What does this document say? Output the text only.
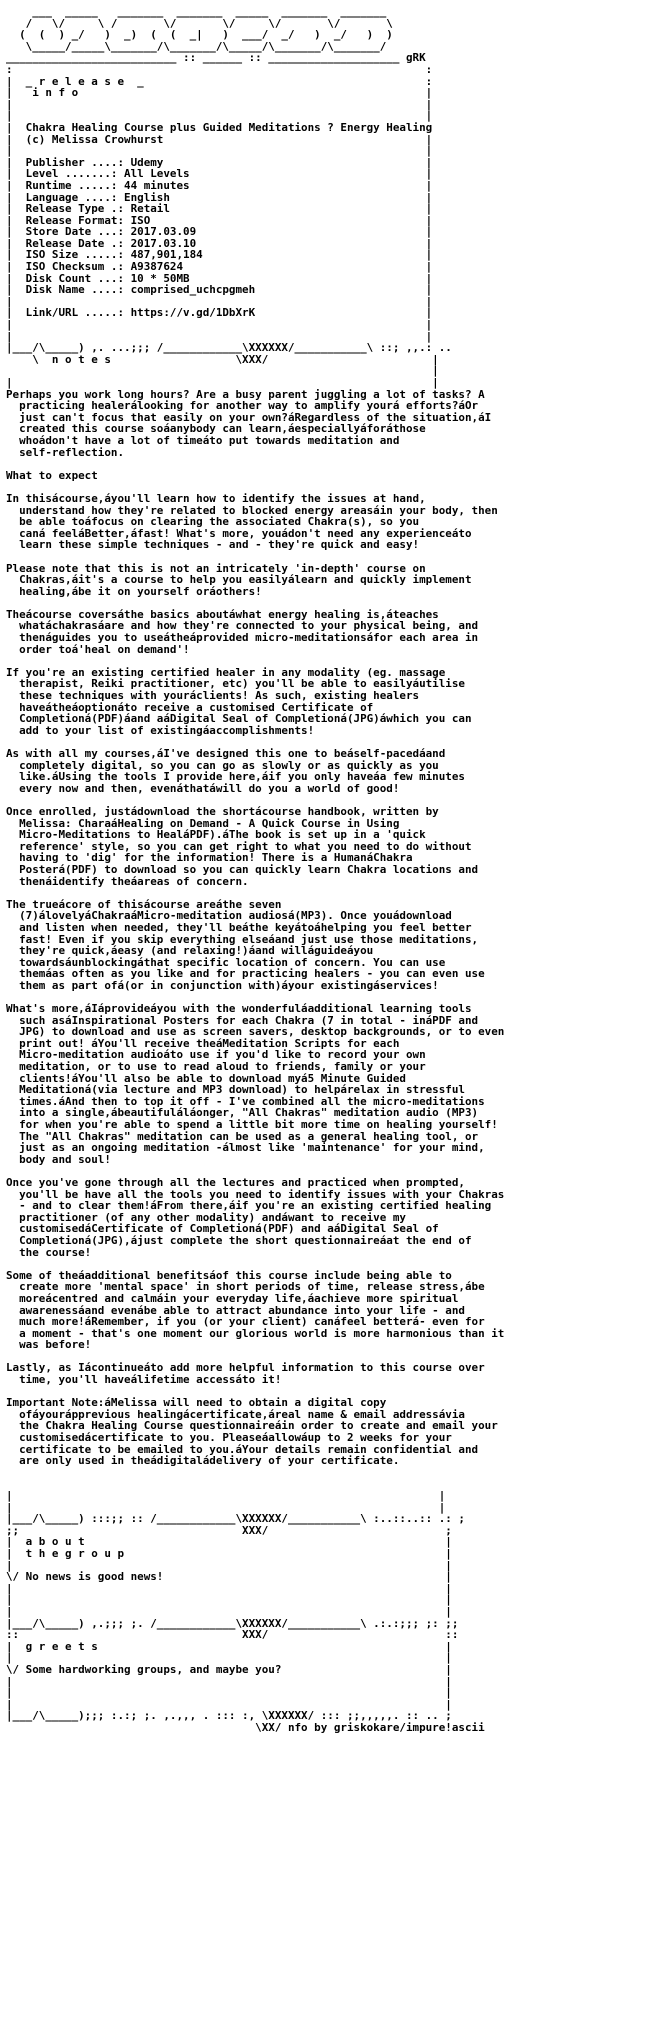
___  _____   _______  _______  _____  _______  _______
/   \/     \ /       \/       \/     \/       \/       \
(  (  ) _/   )  _)  (  (  _|   )  ___/  _/   )  _/   )  )
\_____/_____\_______/\_______/\_____/\_______/\_______/
__________________________ :: ______ :: ____________________ gRK
:                                                               :
|  _ r e l e a s e  _                                           :
|   i n f o                                                     |
|                                                               |
|                                                               |
|  Chakra Healing Course plus Guided Meditations ? Energy Healing
|  (c) Melissa Crowhurst                                        |
|                                                               |
|  Publisher ....: Udemy                                        |
|  Level .......: All Levels                                    |
|  Runtime .....: 44 minutes                                    |
|  Language ....: English                                       |
|  Release Type .: Retail                                       |
|  Release Format: ISO                                          |
|  Store Date ...: 2017.03.09                                   |
|  Release Date .: 2017.03.10                                   |
|  ISO Size .....: 487,901,184                                  |
|  ISO Checksum .: A9387624                                     |
|  Disk Count ...: 10 * 50MB                                    |
|  Disk Name ....: comprised_uchcpgmeh                          |
|                                                               |
|  Link/URL .....: https://v.gd/1DbXrK                          |
|                                                               |
|                                                               |
|___/\_____) ,. ...;;; /____________\XXXXXX/___________\ ::; ,,.: ..
\  n o t e s                   \XXX/                         |
|
|                                                                |
Perhaps you work long hours? Are a busy parent juggling a lot of tasks? A
practicing healerálooking for another way to amplify yourá efforts?áOr
just can't focus that easily on your own?áRegardless of the situation,áI
created this course soáanybody can learn,áespeciallyáforáthose
whoádon't have a lot of timeáto put towards meditation and
self-reflection.

What to expect

In thisácourse,áyou'll learn how to identify the issues at hand,
understand how they're related to blocked energy areasáin your body, then
be able toáfocus on clearing the associated Chakra(s), so you
caná feeláBetter,áfast! What's more, youádon't need any experienceáto
learn these simple techniques - and - they're quick and easy!

Please note that this is not an intricately 'in-depth' course on
Chakras,áit's a course to help you easilyálearn and quickly implement
healing,ábe it on yourself oráothers!

Theácourse coversáthe basics aboutáwhat energy healing is,áteaches
whatáchakrasáare and how they're connected to your physical being, and
thenáguides you to useátheáprovided micro-meditationsáfor each area in
order toá'heal on demand'!

If you're an existing certified healer in any modality (eg. massage
therapist, Reiki practitioner, etc) you'll be able to easilyáutilise
these techniques with youráclients! As such, existing healers
haveátheáoptionáto receive a customised Certificate of
Completioná(PDF)áand aáDigital Seal of Completioná(JPG)áwhich you can
add to your list of existingáaccomplishments!

As with all my courses,áI've designed this one to beáself-pacedáand
completely digital, so you can go as slowly or as quickly as you
like.áUsing the tools I provide here,áif you only haveáa few minutes
every now and then, evenáthatáwill do you a world of good!

Once enrolled, justádownload the shortácourse handbook, written by
Melissa: CharaáHealing on Demand - A Quick Course in Using
Micro-Meditations to HealáPDF).áThe book is set up in a 'quick
reference' style, so you can get right to what you need to do without
having to 'dig' for the information! There is a HumanáChakra
Posterá(PDF) to download so you can quickly learn Chakra locations and
thenáidentify theáareas of concern.

The trueácore of thisácourse areáthe seven
(7)álovelyáChakraáMicro-meditation audiosá(MP3). Once youádownload
and listen when needed, they'll beáthe keyátoáhelping you feel better
fast! Even if you skip everything elseáand just use those meditations,
they're quick,áeasy (and relaxing!)áand willáguideáyou
towardsáunblockingáthat specific location of concern. You can use
themáas often as you like and for practicing healers - you can even use
them as part ofá(or in conjunction with)áyour existingáservices!

What's more,áIáprovideáyou with the wonderfuláadditional learning tools
such asáInspirational Posters for each Chakra (7 in total - ináPDF and
JPG) to download and use as screen savers, desktop backgrounds, or to even
print out! áYou'll receive theáMeditation Scripts for each
Micro-meditation audioáto use if you'd like to record your own
meditation, or to use to read aloud to friends, family or your
clients!áYou'll also be able to download myá5 Minute Guided
Meditationá(via lecture and MP3 download) to helpárelax in stressful
times.áAnd then to top it off - I've combined all the micro-meditations
into a single,ábeautifuláláonger, "All Chakras" meditation audio (MP3)
for when you're able to spend a little bit more time on healing yourself!
The "All Chakras" meditation can be used as a general healing tool, or
just as an ongoing meditation -álmost like 'maintenance' for your mind,
body and soul!

Once you've gone through all the lectures and practiced when prompted,
you'll be have all the tools you need to identify issues with your Chakras
- and to clear them!áFrom there,áif you're an existing certified healing
practitioner (of any other modality) andáwant to receive my
customisedáCertificate of Completioná(PDF) and aáDigital Seal of
Completioná(JPG),ájust complete the short questionnaireáat the end of
the course!

Some of theáadditional benefitsáof this course include being able to
create more 'mental space' in short periods of time, release stress,ábe
moreácentred and calmáin your everyday life,áachieve more spiritual
awarenessáand evenábe able to attract abundance into your life - and
much more!áRemember, if you (or your client) canáfeel betterá- even for
a moment - that's one moment our glorious world is more harmonious than it
was before!

Lastly, as Iácontinueáto add more helpful information to this course over
time, you'll haveálifetime accessáto it!

Important Note:áMelissa will need to obtain a digital copy
ofáyourápprevious healingácertificate,áreal name & email addressávia
the Chakra Healing Course questionnaireáin order to create and email your
customisedácertificate to you. Pleaseáallowáup to 2 weeks for your
certificate to be emailed to you.áYour details remain confidential and
are only used in theádigitaládelivery of your certificate.

|                                                                 |
|                                                                 |
|___/\_____) :::;; :: /____________\XXXXXX/___________\ :..::..:: .: ;
;;                                  XXX/                           ;
|  a b o u t                                                       |
|  t h e g r o u p                                                 |
|                                                                  |
\/ No news is good news!                                           |
|                                                                  |
|                                                                  |
|                                                                  |
|___/\_____) ,.;;; ;. /____________\XXXXXX/___________\ .:.:;;; ;: ;;
::                                  XXX/                           ::
|  g r e e t s                                                     |
|                                                                  |
\/ Some hardworking groups, and maybe you?                         |
|                                                                  |
|                                                                  |
|                                                                  |
|___/\_____);;; :.:; ;. ,.,,, . ::: :, \XXXXXX/ ::: ;;,,,,,. :: .. ;
\XX/ nfo by griskokare/impure!ascii
